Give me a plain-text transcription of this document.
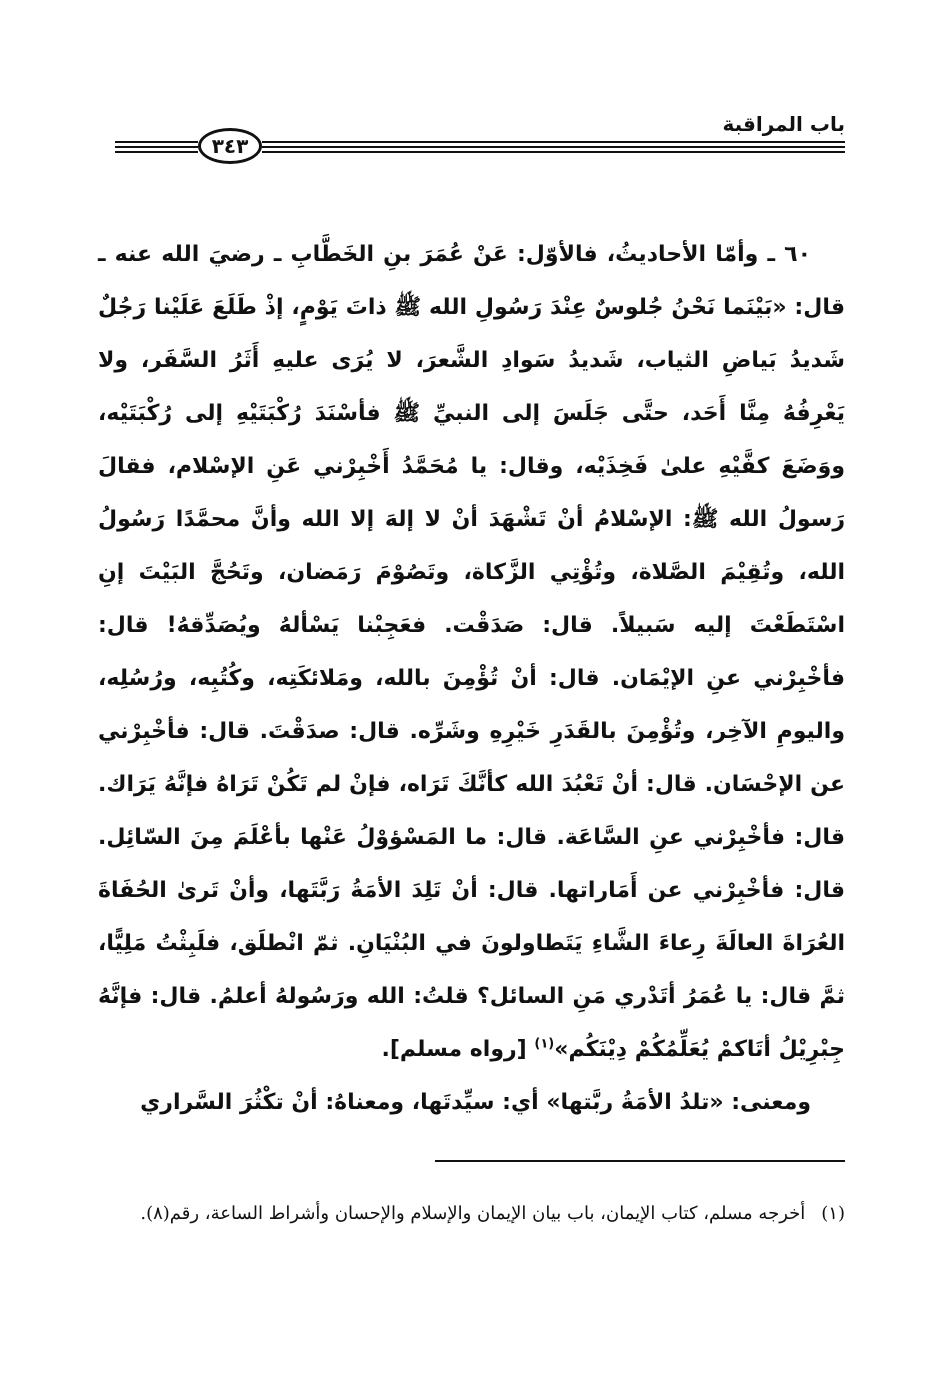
باب المراقبة
٣٤٣

٦٠ ـ وأمّا الأحاديثُ، فالأوّل: عَنْ عُمَرَ بنِ الخَطَّابِ ـ رضيَ الله عنه ـ قال: «بَيْنَما نَحْنُ جُلوسٌ عِنْدَ رَسُولِ الله ﷺ ذاتَ يَوْمٍ، إذْ طَلَعَ عَلَيْنا رَجُلٌ شَديدُ بَياضِ الثياب، شَديدُ سَوادِ الشَّعرَ، لا يُرَى عليهِ أَثَرُ السَّفَر، ولا يَعْرِفُهُ مِنَّا أَحَد، حتَّى جَلَسَ إلى النبيِّ ﷺ فأسْنَدَ رُكْبَتَيْهِ إلى رُكْبَتَيْه، ووَضَعَ كفَّيْهِ علىٰ فَخِذَيْه، وقال: يا مُحَمَّدُ أَخْبِرْني عَنِ الإسْلام، فقالَ رَسولُ الله ﷺ: الإسْلامُ أنْ تَشْهَدَ أنْ لا إلهَ إلا الله وأنَّ محمَّدًا رَسُولُ الله، وتُقِيْمَ الصَّلاة، وتُؤْتِي الزَّكاة، وتَصُوْمَ رَمَضان، وتَحُجَّ البَيْتَ إنِ اسْتَطَعْتَ إليه سَبيلاً. قال: صَدَقْت. فعَجِبْنا يَسْألهُ ويُصَدِّقهُ! قال: فأخْبِرْني عنِ الإيْمَان. قال: أنْ تُؤْمِنَ بالله، ومَلائكَتِه، وكُتُبِه، ورُسُلِه، واليومِ الآخِر، وتُؤْمِنَ بالقَدَرِ خَيْرِهِ وشَرِّه. قال: صدَقْتَ. قال: فأخْبِرْني عن الإحْسَان. قال: أنْ تَعْبُدَ الله كأنَّكَ تَرَاه، فإنْ لم تَكُنْ تَرَاهُ فإنَّهُ يَرَاك. قال: فأخْبِرْني عنِ السَّاعَة. قال: ما المَسْؤوْلُ عَنْها بأعْلَمَ مِنَ السّائِل. قال: فأخْبِرْني عن أَمَاراتها. قال: أنْ تَلِدَ الأمَةُ رَبَّتَها، وأنْ تَرىٰ الحُفَاةَ العُرَاةَ العالَةَ رِعاءَ الشَّاءِ يَتَطاولونَ في البُنْيَانِ. ثمّ انْطلَق، فلَبِثْتُ مَلِيًّا، ثمَّ قال: يا عُمَرُ أتَدْري مَنِ السائل؟ قلتُ: الله ورَسُولهُ أعلمُ. قال: فإنَّهُ جِبْرِيْلُ أتَاكمْ يُعَلِّمُكُمْ دِيْنَكُم»$^{(١)}$ [رواه مسلم].

ومعنى: «تلدُ الأمَةُ ربَّتها» أي: سيِّدتَها، ومعناهُ: أنْ تكْثُرَ السَّراري

(١)أخرجه مسلم، كتاب الإيمان، باب بيان الإيمان والإسلام والإحسان وأشراط الساعة، رقم(٨).
